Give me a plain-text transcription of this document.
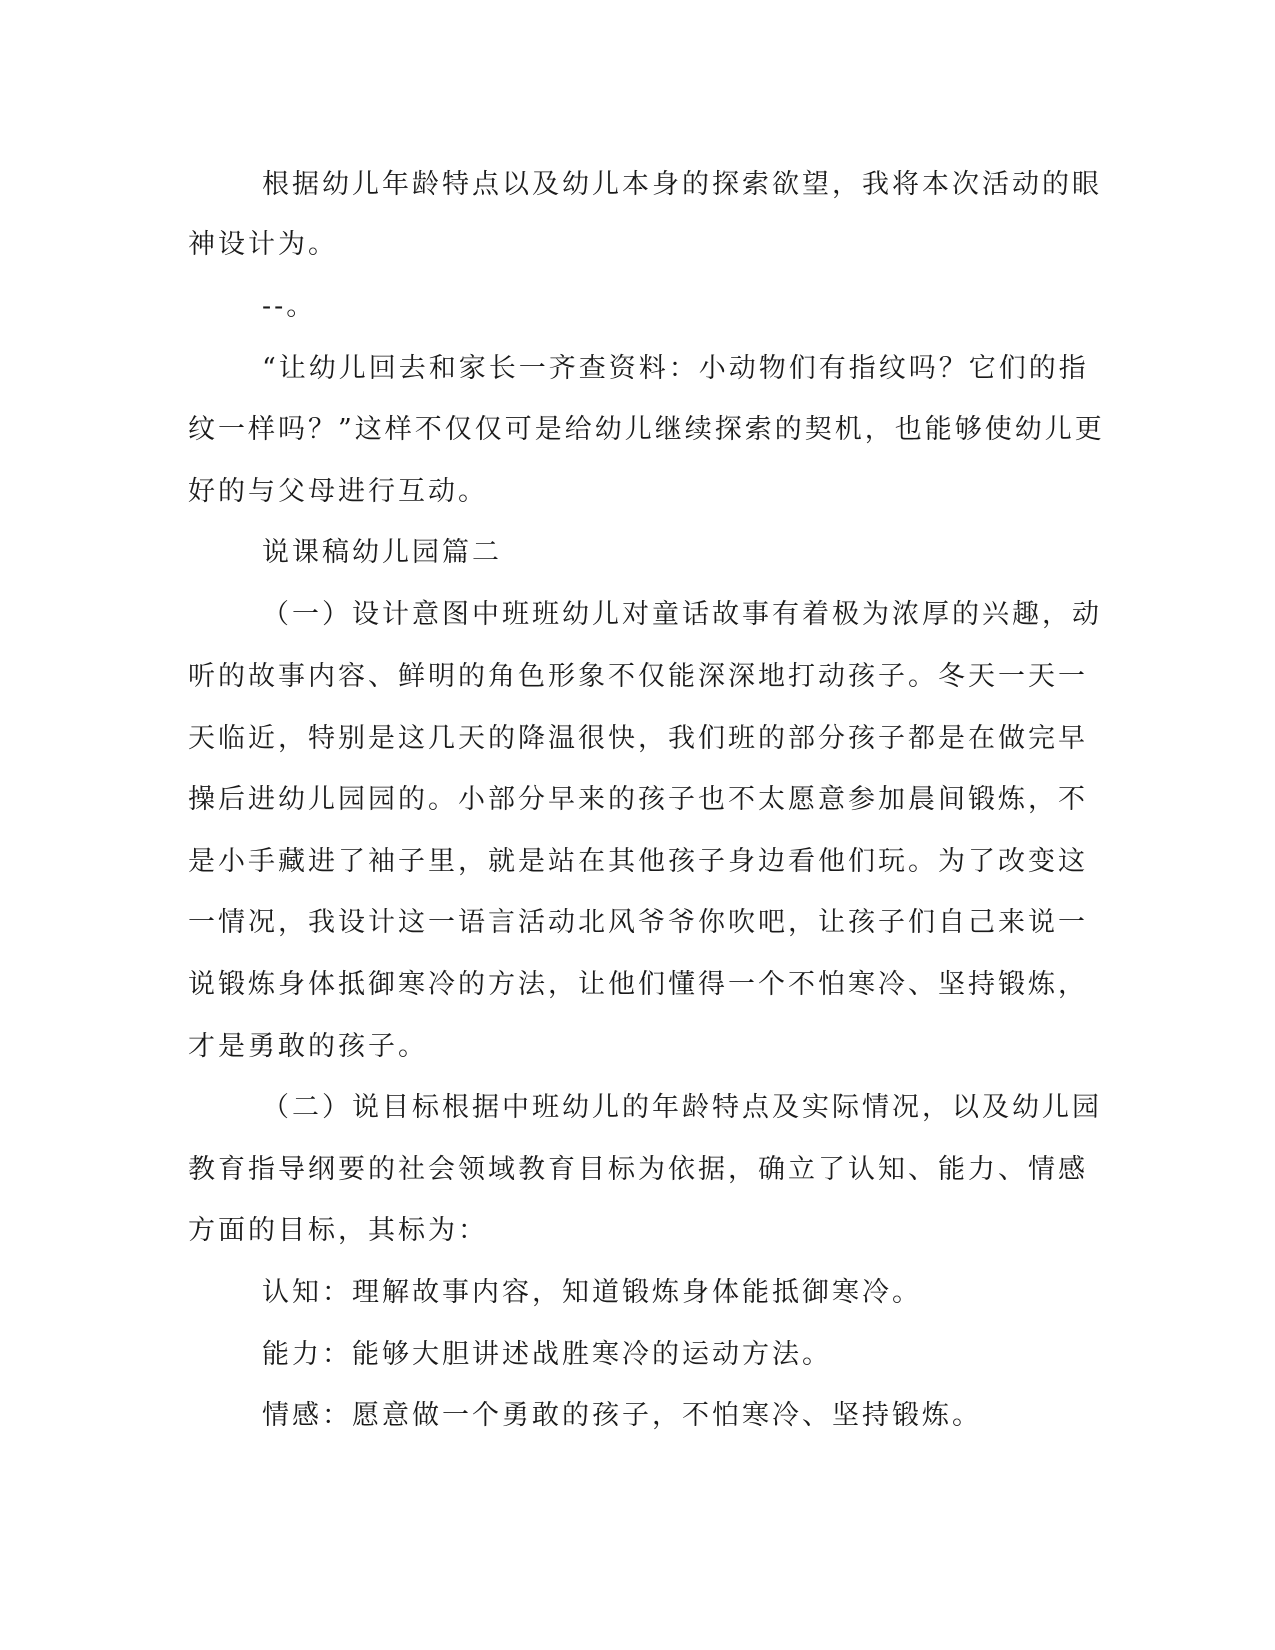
根据幼儿年龄特点以及幼儿本身的探索欲望，我将本次活动的眼
神设计为。
--。
“让幼儿回去和家长一齐查资料：小动物们有指纹吗？它们的指
纹一样吗？”这样不仅仅可是给幼儿继续探索的契机，也能够使幼儿更
好的与父母进行互动。
说课稿幼儿园篇二
（一）设计意图中班班幼儿对童话故事有着极为浓厚的兴趣，动
听的故事内容、鲜明的角色形象不仅能深深地打动孩子。冬天一天一
天临近，特别是这几天的降温很快，我们班的部分孩子都是在做完早
操后进幼儿园园的。小部分早来的孩子也不太愿意参加晨间锻炼，不
是小手藏进了袖子里，就是站在其他孩子身边看他们玩。为了改变这
一情况，我设计这一语言活动北风爷爷你吹吧，让孩子们自己来说一
说锻炼身体抵御寒冷的方法，让他们懂得一个不怕寒冷、坚持锻炼，
才是勇敢的孩子。
（二）说目标根据中班幼儿的年龄特点及实际情况，以及幼儿园
教育指导纲要的社会领域教育目标为依据，确立了认知、能力、情感
方面的目标，其标为：
认知：理解故事内容，知道锻炼身体能抵御寒冷。
能力：能够大胆讲述战胜寒冷的运动方法。
情感：愿意做一个勇敢的孩子，不怕寒冷、坚持锻炼。
